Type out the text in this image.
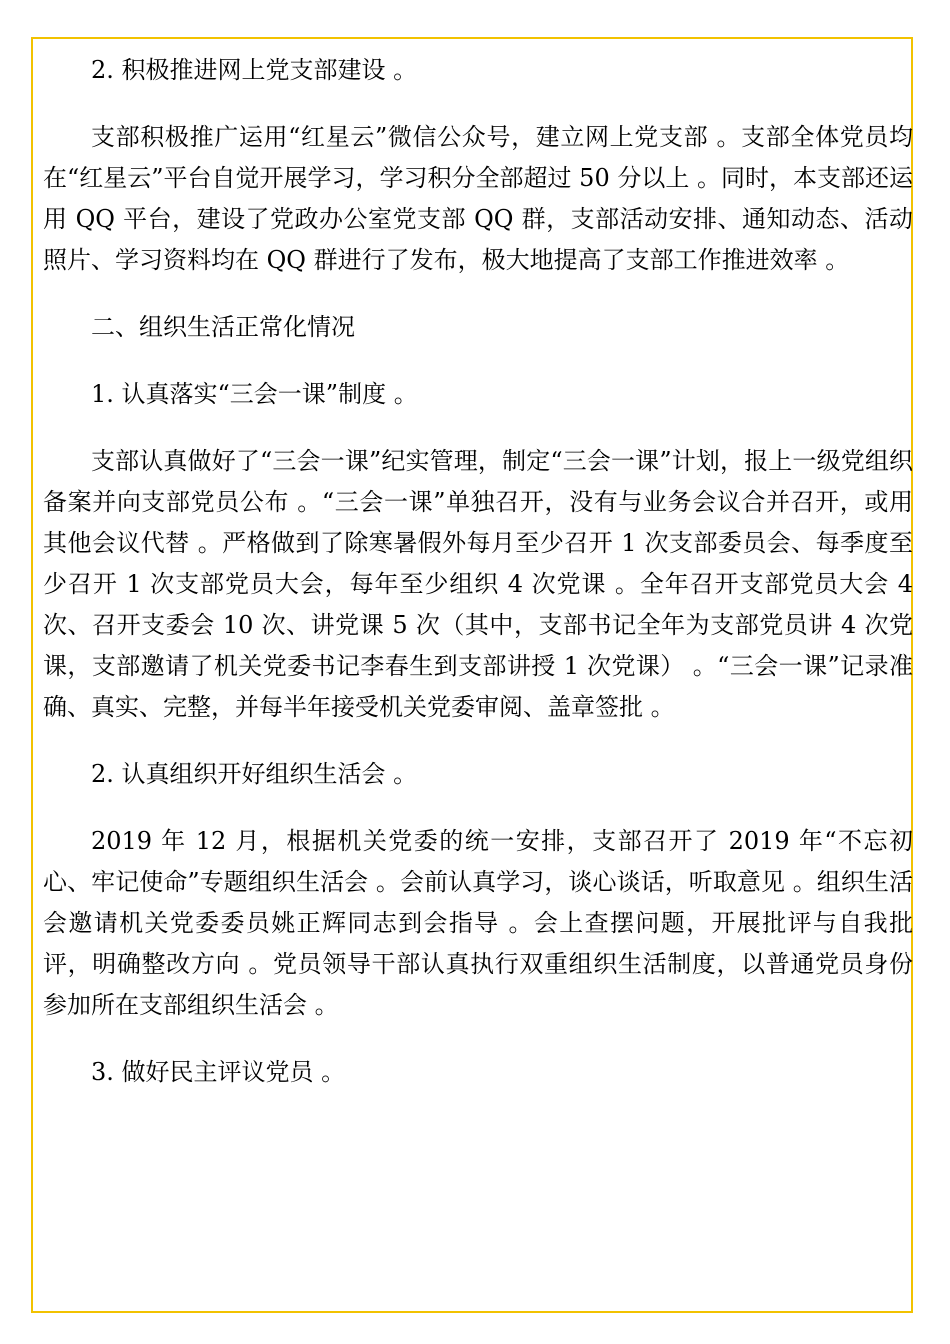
2. 积极推进网上党支部建设 。

支部积极推广运用“红星云”微信公众号，建立网上党支部 。支部全体党员均在“红星云”平台自觉开展学习，学习积分全部超过 50 分以上 。同时，本支部还运用 QQ 平台，建设了党政办公室党支部 QQ 群，支部活动安排、通知动态、活动照片、学习资料均在 QQ 群进行了发布，极大地提高了支部工作推进效率 。

二、组织生活正常化情况

1. 认真落实“三会一课”制度 。

支部认真做好了“三会一课”纪实管理，制定“三会一课”计划，报上一级党组织备案并向支部党员公布 。“三会一课”单独召开，没有与业务会议合并召开，或用其他会议代替 。严格做到了除寒暑假外每月至少召开 1 次支部委员会、每季度至少召开 1 次支部党员大会，每年至少组织 4 次党课 。全年召开支部党员大会 4 次、召开支委会 10 次、讲党课 5 次（其中，支部书记全年为支部党员讲 4 次党课，支部邀请了机关党委书记李春生到支部讲授 1 次党课） 。“三会一课”记录准确、真实、完整，并每半年接受机关党委审阅、盖章签批 。

2. 认真组织开好组织生活会 。

2019 年 12 月，根据机关党委的统一安排，支部召开了 2019 年“不忘初心、牢记使命”专题组织生活会 。会前认真学习，谈心谈话，听取意见 。组织生活会邀请机关党委委员姚正辉同志到会指导 。会上查摆问题，开展批评与自我批评，明确整改方向 。党员领导干部认真执行双重组织生活制度，以普通党员身份参加所在支部组织生活会 。

3. 做好民主评议党员 。
